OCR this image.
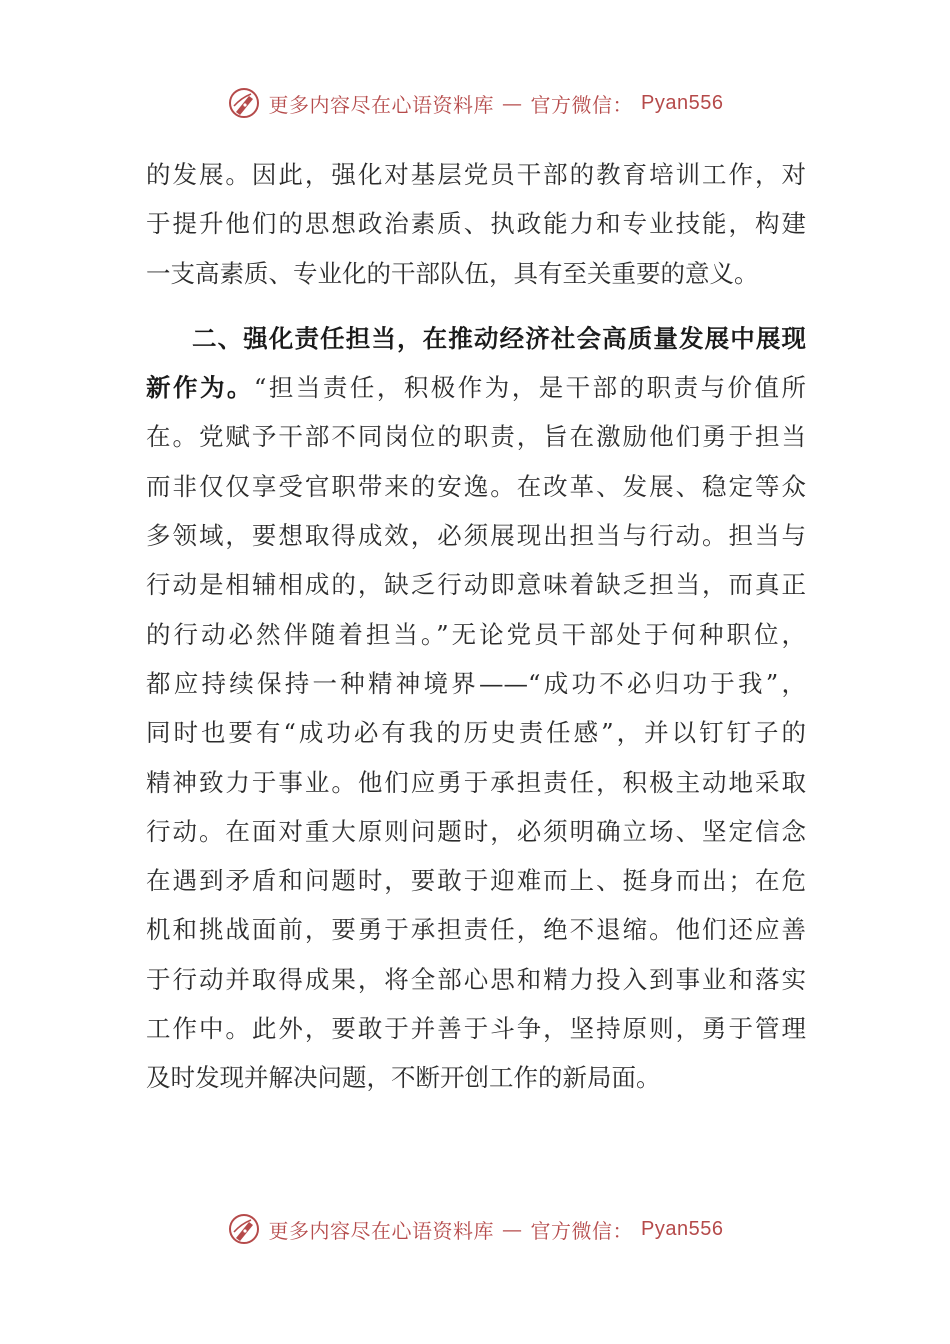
更多内容尽在心语资料库 — 官方微信： Pyan556
的发展。因此，强化对基层党员干部的教育培训工作，对
于提升他们的思想政治素质、执政能力和专业技能，构建
一支高素质、专业化的干部队伍，具有至关重要的意义。
二、强化责任担当，在推动经济社会高质量发展中展现
新作为。“担当责任，积极作为，是干部的职责与价值所
在。党赋予干部不同岗位的职责，旨在激励他们勇于担当
而非仅仅享受官职带来的安逸。在改革、发展、稳定等众
多领域，要想取得成效，必须展现出担当与行动。担当与
行动是相辅相成的，缺乏行动即意味着缺乏担当，而真正
的行动必然伴随着担当。”无论党员干部处于何种职位，
都应持续保持一种精神境界——“成功不必归功于我”，
同时也要有“成功必有我的历史责任感”，并以钉钉子的
精神致力于事业。他们应勇于承担责任，积极主动地采取
行动。在面对重大原则问题时，必须明确立场、坚定信念
在遇到矛盾和问题时，要敢于迎难而上、挺身而出；在危
机和挑战面前，要勇于承担责任，绝不退缩。他们还应善
于行动并取得成果，将全部心思和精力投入到事业和落实
工作中。此外，要敢于并善于斗争，坚持原则，勇于管理
及时发现并解决问题，不断开创工作的新局面。
更多内容尽在心语资料库 — 官方微信： Pyan556
